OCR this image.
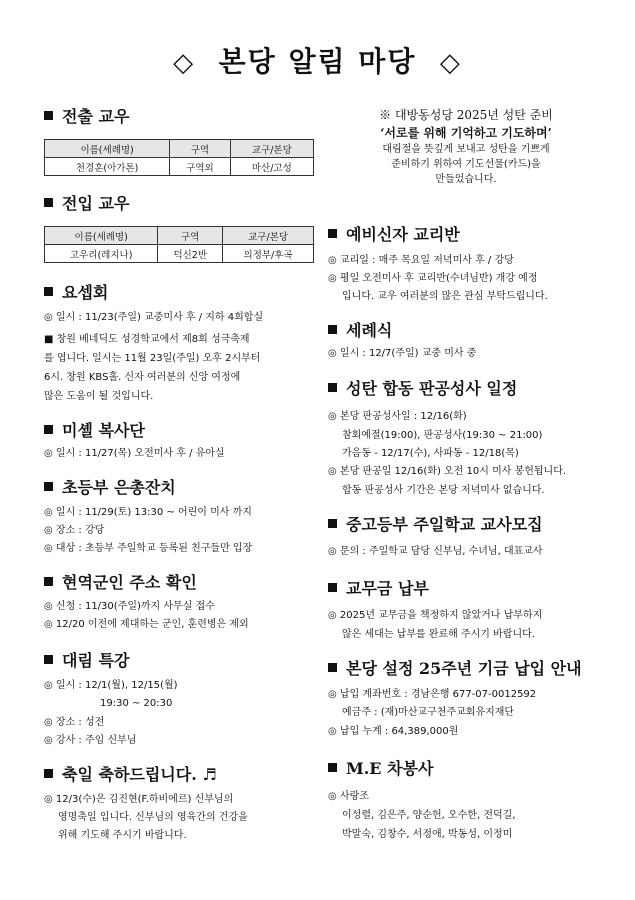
◇ 본당 알림 마당 ◇
전출 교우
이름(세례명)	구역	교구/본당
천경훈(아가톤)	구역외	마산/고성
전입 교우
이름(세례명)	구역	교구/본당
고우리(레지나)	덕신2반	의정부/후곡
요셉회
◎ 일시 : 11/23(주일) 교중미사 후 / 지하 4회합실
■ 창원 베네딕도 성경학교에서 제8회 성극축제
를 엽니다. 일시는 11월 23일(주일) 오후 2시부터
6시. 창원 KBS홀. 신자 여러분의 신앙 여정에
많은 도움이 될 것입니다.
미셸 복사단
◎ 일시 : 11/27(목) 오전미사 후 / 유아실
초등부 은총잔치
◎ 일시 : 11/29(토) 13:30 ~ 어린이 미사 까지
◎ 장소 : 강당
◎ 대상 : 초등부 주일학교 등록된 친구들만 입장
현역군인 주소 확인
◎ 신청 : 11/30(주일)까지 사무실 접수
◎ 12/20 이전에 제대하는 군인, 훈련병은 제외
대림 특강
◎ 일시 : 12/1(월), 12/15(월)
19:30 ~ 20:30
◎ 장소 : 성전
◎ 강사 : 주임 신부님
축일 축하드립니다. ♬
◎ 12/3(수)은 김진현(F.하비에르) 신부님의
영명축일 입니다. 신부님의 영육간의 건강을
위해 기도해 주시기 바랍니다.
※ 대방동성당 2025년 성탄 준비
‘서로를 위해 기억하고 기도하며’
대림절을 뜻깊게 보내고 성탄을 기쁘게
준비하기 위하여 기도선물(카드)을
만들었습니다.
예비신자 교리반
◎ 교리일 : 매주 목요일 저녁미사 후 / 강당
◎ 평일 오전미사 후 교리반(수녀님반) 개강 예정
입니다. 교우 여러분의 많은 관심 부탁드립니다.
세례식
◎ 일시 : 12/7(주일) 교중 미사 중
성탄 합동 판공성사 일정
◎ 본당 판공성사일 : 12/16(화)
참회예절(19:00), 판공성사(19:30 ~ 21:00)
가음동 - 12/17(수), 사파동 - 12/18(목)
◎ 본당 판공일 12/16(화) 오전 10시 미사 봉헌됩니다.
합동 판공성사 기간은 본당 저녁미사 없습니다.
중고등부 주일학교 교사모집
◎ 문의 : 주일학교 담당 신부님, 수녀님, 대표교사
교무금 납부
◎ 2025년 교무금을 책정하지 않았거나 납부하지
않은 세대는 납부를 완료해 주시기 바랍니다.
본당 설정 25주년 기금 납입 안내
◎ 납입 계좌번호 : 경남은행 677-07-0012592
예금주 : (재)마산교구천주교회유지재단
◎ 납입 누계 : 64,389,000원
M.E 차봉사
◎ 사랑조
이성렬, 김은주, 양순헌, 오수한, 전덕길,
박말숙, 김창수, 서정애, 박동성, 이정미
